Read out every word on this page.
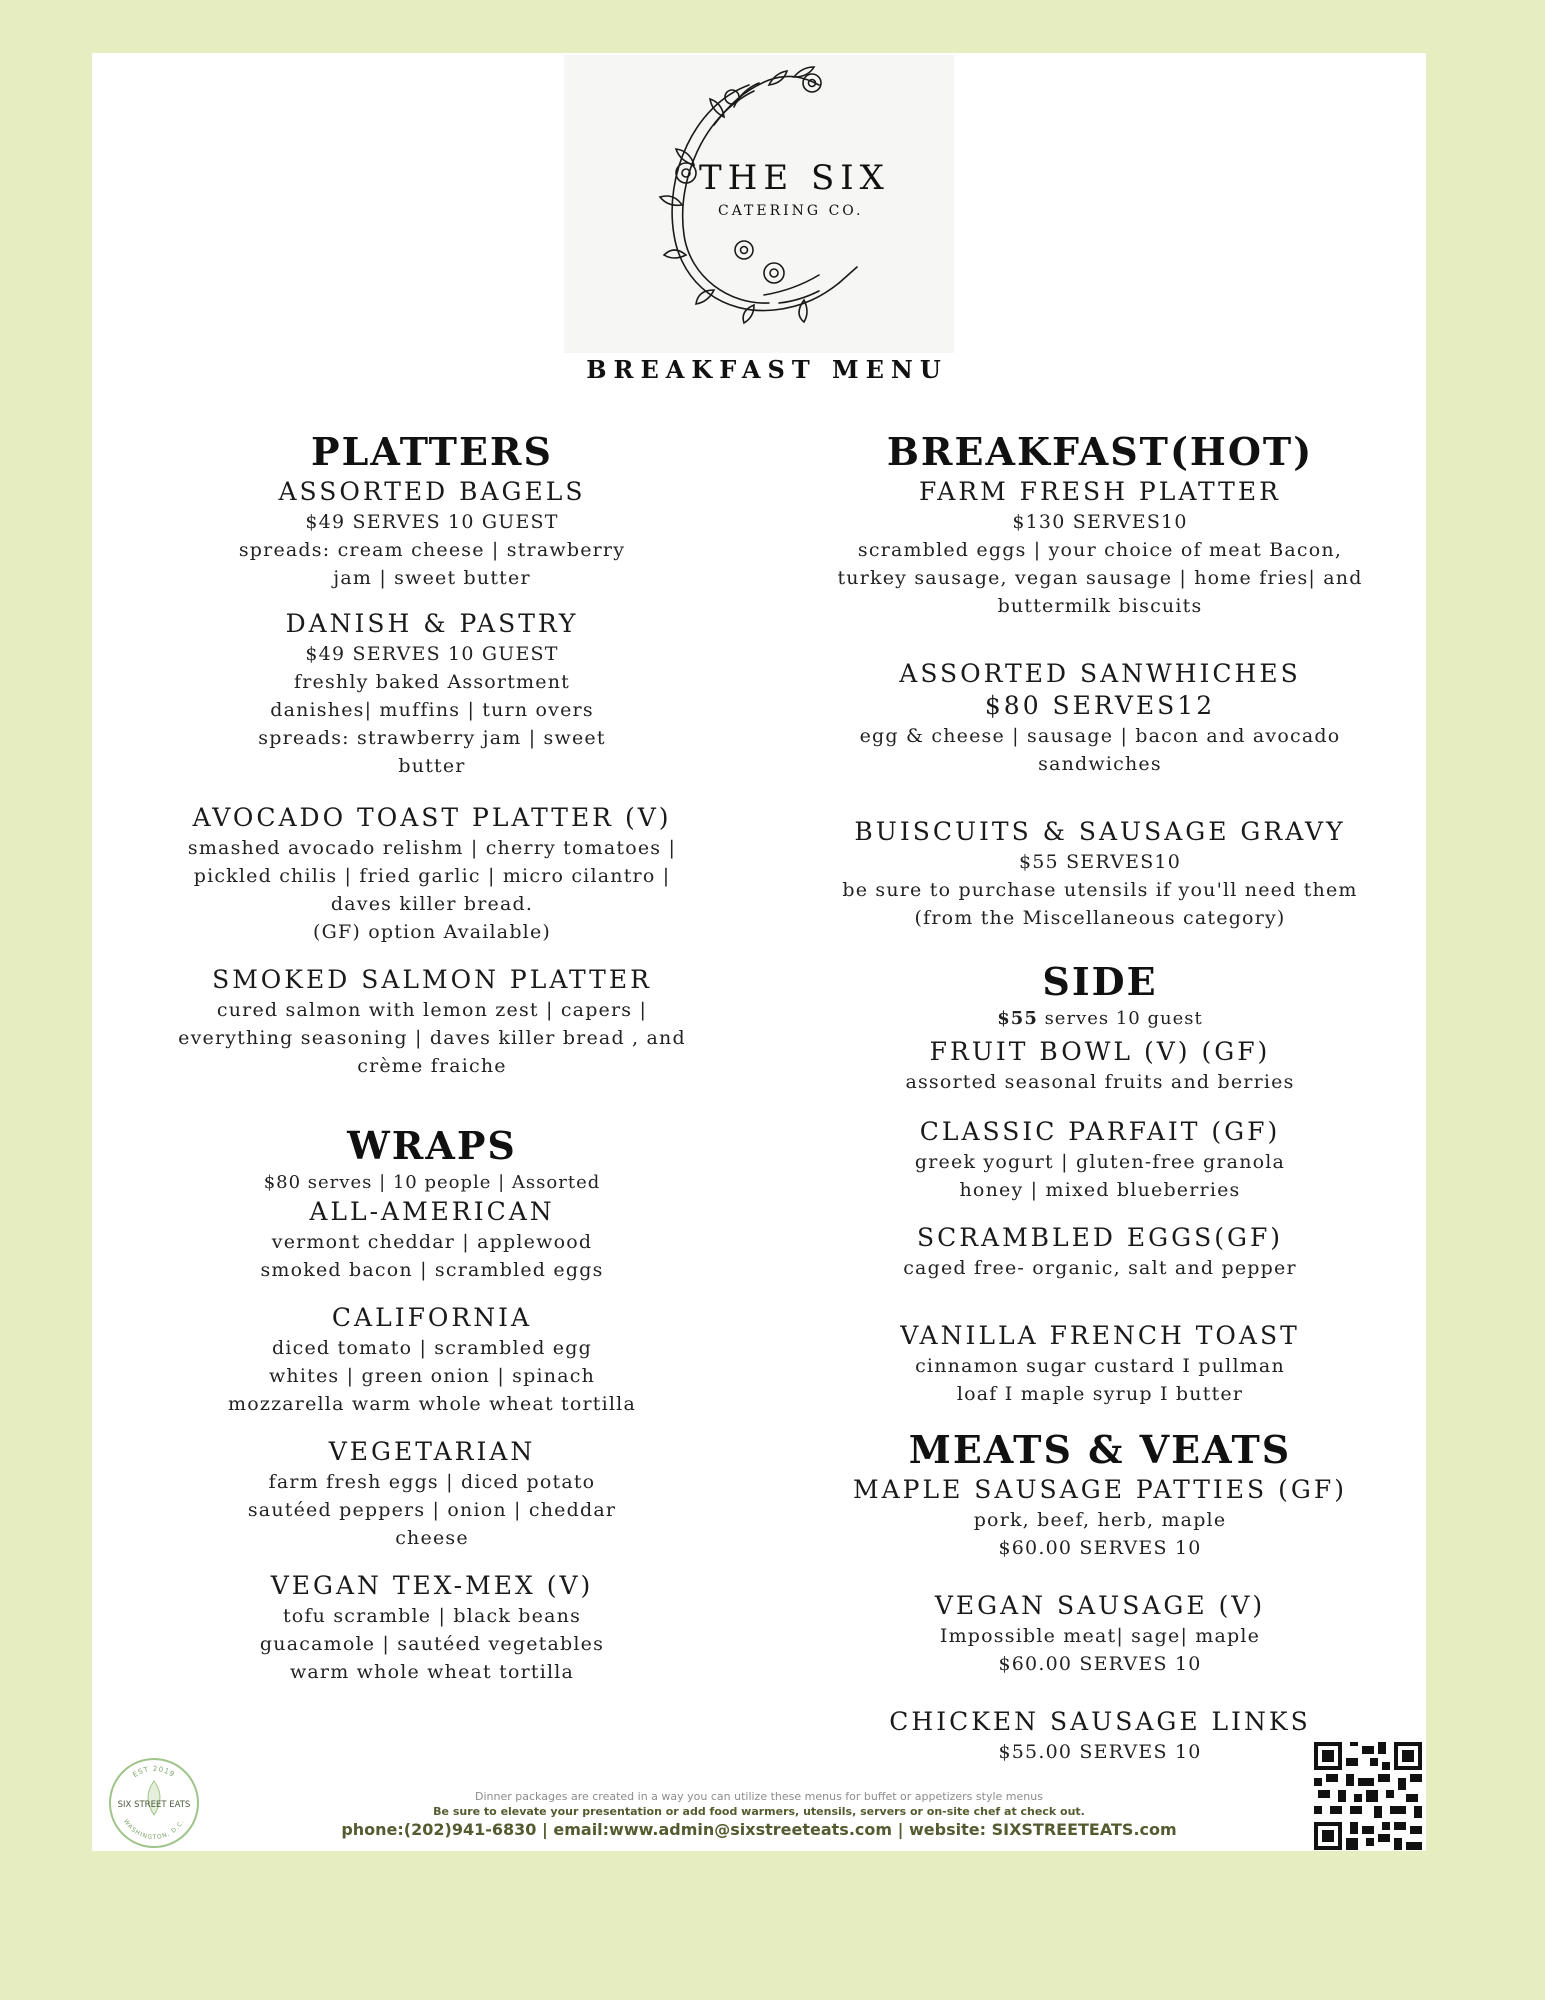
THE SIX
CATERING CO.
BREAKFAST MENU
PLATTERS
ASSORTED BAGELS
$49 SERVES 10 GUEST
spreads: cream cheese | strawberry
jam | sweet butter
DANISH & PASTRY
$49 SERVES 10 GUEST
freshly baked Assortment
danishes| muffins | turn overs
spreads: strawberry jam | sweet
butter
AVOCADO TOAST PLATTER (V)
smashed avocado relishm | cherry tomatoes |
pickled chilis | fried garlic | micro cilantro |
daves killer bread.
(GF) option Available)
SMOKED SALMON PLATTER
cured salmon with lemon zest | capers |
everything seasoning | daves killer bread , and
crème fraiche
WRAPS
$80 serves | 10 people | Assorted
ALL-AMERICAN
vermont cheddar | applewood
smoked bacon | scrambled eggs
CALIFORNIA
diced tomato | scrambled egg
whites | green onion | spinach
mozzarella warm whole wheat tortilla
VEGETARIAN
farm fresh eggs | diced potato
sautéed peppers | onion | cheddar
cheese
VEGAN TEX-MEX (V)
tofu scramble | black beans
guacamole | sautéed vegetables
warm whole wheat tortilla
BREAKFAST(HOT)
FARM FRESH PLATTER
$130 SERVES10
scrambled eggs | your choice of meat Bacon,
turkey sausage, vegan sausage | home fries| and
buttermilk biscuits
ASSORTED SANWHICHES
$80 SERVES12
egg & cheese | sausage | bacon and avocado
sandwiches
BUISCUITS & SAUSAGE GRAVY
$55 SERVES10
be sure to purchase utensils if you'll need them
(from the Miscellaneous category)
SIDE
$55 serves 10 guest
FRUIT BOWL (V) (GF)
assorted seasonal fruits and berries
CLASSIC PARFAIT (GF)
greek yogurt | gluten-free granola
honey | mixed blueberries
SCRAMBLED EGGS(GF)
caged free- organic, salt and pepper
VANILLA FRENCH TOAST
cinnamon sugar custard I pullman
loaf I maple syrup I butter
MEATS & VEATS
MAPLE SAUSAGE PATTIES (GF)
pork, beef, herb, maple
$60.00 SERVES 10
VEGAN SAUSAGE (V)
Impossible meat| sage| maple
$60.00 SERVES 10
CHICKEN SAUSAGE LINKS
$55.00 SERVES 10
EST 2019
SIX STREET EATS
WASHINGTON, D.C.
Dinner packages are created in a way you can utilize these menus for buffet or appetizers style menus
Be sure to elevate your presentation or add food warmers, utensils, servers or on-site chef at check out.
phone:(202)941-6830 | email:www.admin@sixstreeteats.com | website: SIXSTREETEATS.com
